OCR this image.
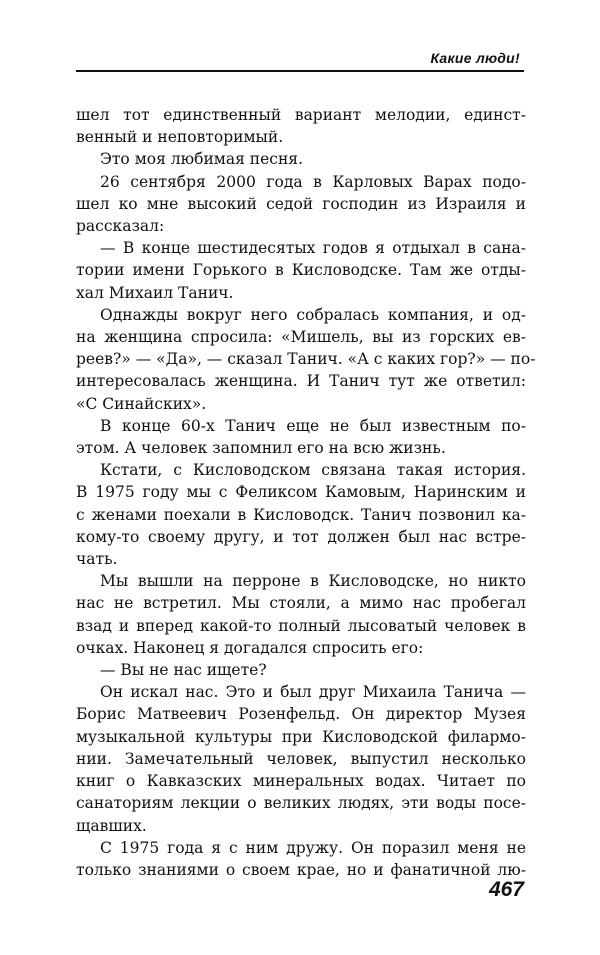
Какие люди!
шел тот единственный вариант мелодии, единст-
венный и неповторимый.
Это моя любимая песня.
26 сентября 2000 года в Карловых Варах подо-
шел ко мне высокий седой господин из Израиля и
рассказал:
— В конце шестидесятых годов я отдыхал в сана-
тории имени Горького в Кисловодске. Там же отды-
хал Михаил Танич.
Однажды вокруг него собралась компания, и од-
на женщина спросила: «Мишель, вы из горских ев-
реев?» — «Да», — сказал Танич. «А с каких гор?» — по-
интересовалась женщина. И Танич тут же ответил:
«С Синайских».
В конце 60-х Танич еще не был известным по-
этом. А человек запомнил его на всю жизнь.
Кстати, с Кисловодском связана такая история.
В 1975 году мы с Феликсом Камовым, Наринским и
с женами поехали в Кисловодск. Танич позвонил ка-
кому-то своему другу, и тот должен был нас встре-
чать.
Мы вышли на перроне в Кисловодске, но никто
нас не встретил. Мы стояли, а мимо нас пробегал
взад и вперед какой-то полный лысоватый человек в
очках. Наконец я догадался спросить его:
— Вы не нас ищете?
Он искал нас. Это и был друг Михаила Танича —
Борис Матвеевич Розенфельд. Он директор Музея
музыкальной культуры при Кисловодской филармо-
нии. Замечательный человек, выпустил несколько
книг о Кавказских минеральных водах. Читает по
санаториям лекции о великих людях, эти воды посе-
щавших.
С 1975 года я с ним дружу. Он поразил меня не
только знаниями о своем крае, но и фанатичной лю-
467
